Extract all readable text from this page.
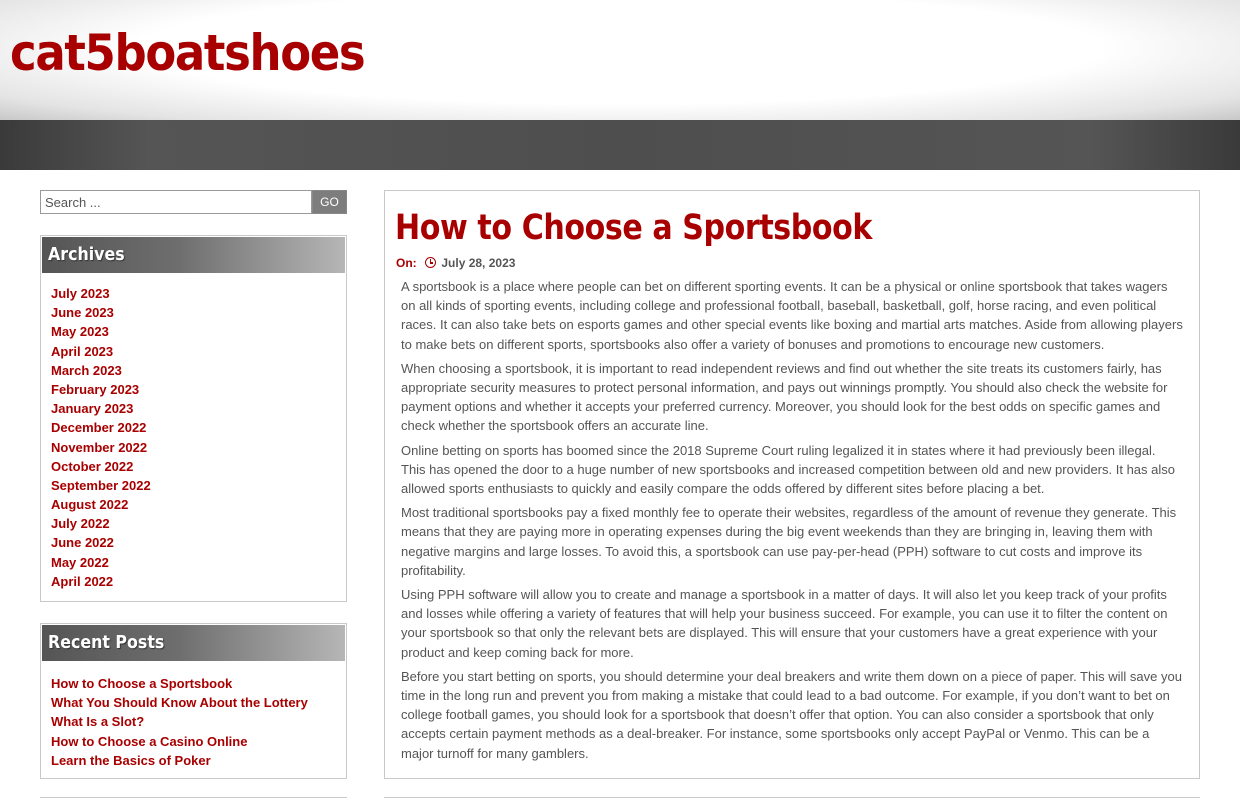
cat5boatshoes
Search ...
GO
Archives
July 2023
June 2023
May 2023
April 2023
March 2023
February 2023
January 2023
December 2022
November 2022
October 2022
September 2022
August 2022
July 2022
June 2022
May 2022
April 2022
Recent Posts
How to Choose a Sportsbook
What You Should Know About the Lottery
What Is a Slot?
How to Choose a Casino Online
Learn the Basics of Poker
How to Choose a Sportsbook
On: July 28, 2023

A sportsbook is a place where people can bet on different sporting events. It can be a physical or online sportsbook that takes wagers on all kinds of sporting events, including college and professional football, baseball, basketball, golf, horse racing, and even political races. It can also take bets on esports games and other special events like boxing and martial arts matches. Aside from allowing players to make bets on different sports, sportsbooks also offer a variety of bonuses and promotions to encourage new customers.

When choosing a sportsbook, it is important to read independent reviews and find out whether the site treats its customers fairly, has appropriate security measures to protect personal information, and pays out winnings promptly. You should also check the website for payment options and whether it accepts your preferred currency. Moreover, you should look for the best odds on specific games and check whether the sportsbook offers an accurate line.

Online betting on sports has boomed since the 2018 Supreme Court ruling legalized it in states where it had previously been illegal. This has opened the door to a huge number of new sportsbooks and increased competition between old and new providers. It has also allowed sports enthusiasts to quickly and easily compare the odds offered by different sites before placing a bet.

Most traditional sportsbooks pay a fixed monthly fee to operate their websites, regardless of the amount of revenue they generate. This means that they are paying more in operating expenses during the big event weekends than they are bringing in, leaving them with negative margins and large losses. To avoid this, a sportsbook can use pay-per-head (PPH) software to cut costs and improve its profitability.

Using PPH software will allow you to create and manage a sportsbook in a matter of days. It will also let you keep track of your profits and losses while offering a variety of features that will help your business succeed. For example, you can use it to filter the content on your sportsbook so that only the relevant bets are displayed. This will ensure that your customers have a great experience with your product and keep coming back for more.

Before you start betting on sports, you should determine your deal breakers and write them down on a piece of paper. This will save you time in the long run and prevent you from making a mistake that could lead to a bad outcome. For example, if you don’t want to bet on college football games, you should look for a sportsbook that doesn’t offer that option. You can also consider a sportsbook that only accepts certain payment methods as a deal-breaker. For instance, some sportsbooks only accept PayPal or Venmo. This can be a major turnoff for many gamblers.
